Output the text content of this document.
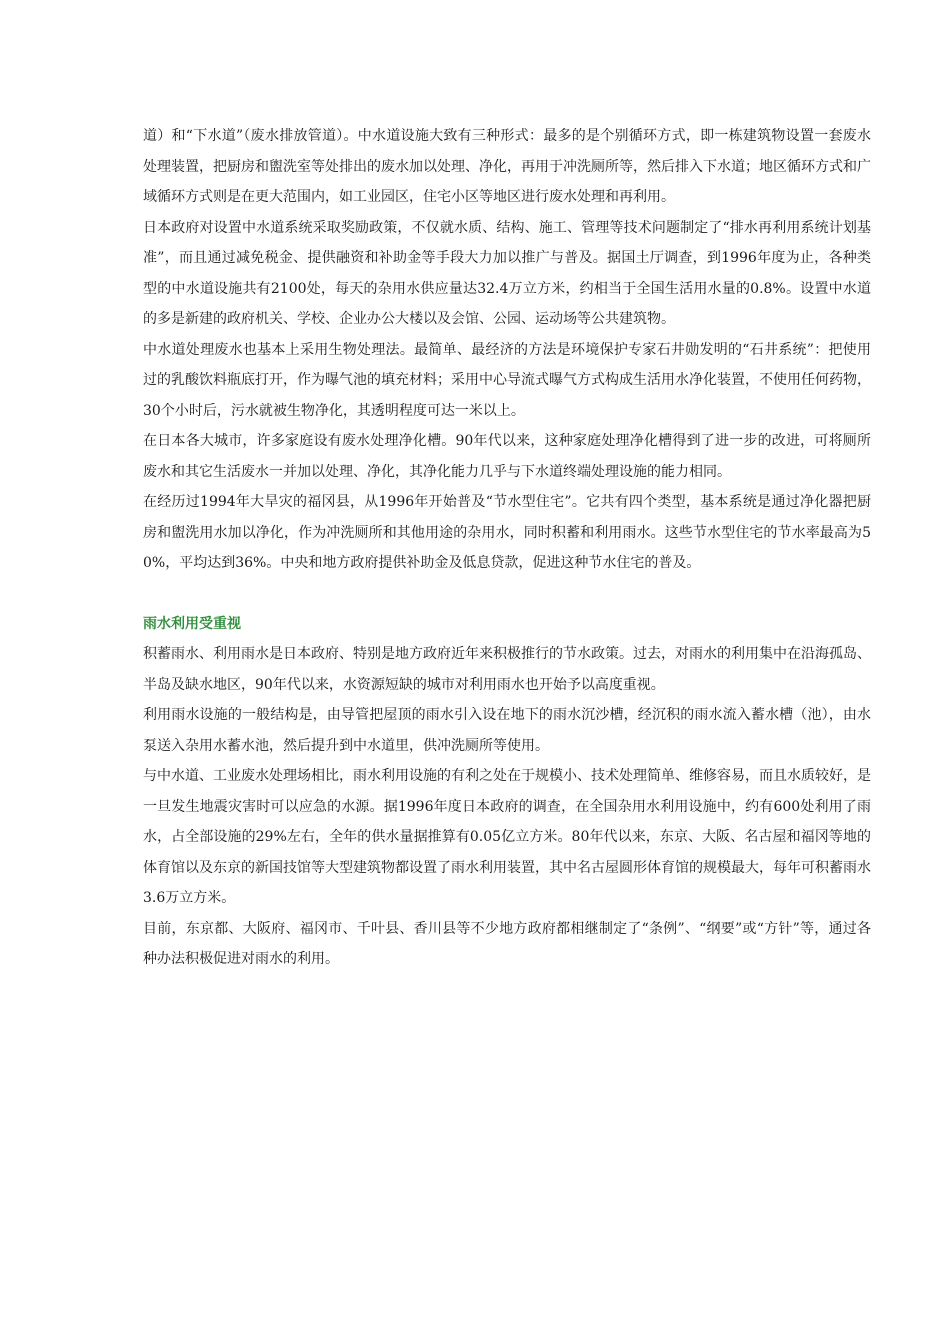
道）和“下水道”（废水排放管道）。中水道设施大致有三种形式：最多的是个别循环方式，即一栋建筑物设置一套废水处理装置，把厨房和盥洗室等处排出的废水加以处理、净化，再用于冲洗厕所等，然后排入下水道；地区循环方式和广域循环方式则是在更大范围内，如工业园区，住宅小区等地区进行废水处理和再利用。

日本政府对设置中水道系统采取奖励政策，不仅就水质、结构、施工、管理等技术问题制定了“排水再利用系统计划基准”，而且通过减免税金、提供融资和补助金等手段大力加以推广与普及。据国土厅调查，到1996年度为止，各种类型的中水道设施共有2100处，每天的杂用水供应量达32.4万立方米，约相当于全国生活用水量的0.8%。设置中水道的多是新建的政府机关、学校、企业办公大楼以及会馆、公园、运动场等公共建筑物。

中水道处理废水也基本上采用生物处理法。最简单、最经济的方法是环境保护专家石井勋发明的“石井系统”：把使用过的乳酸饮料瓶底打开，作为曝气池的填充材料；采用中心导流式曝气方式构成生活用水净化装置，不使用任何药物，30个小时后，污水就被生物净化，其透明程度可达一米以上。

在日本各大城市，许多家庭设有废水处理净化槽。90年代以来，这种家庭处理净化槽得到了进一步的改进，可将厕所废水和其它生活废水一并加以处理、净化，其净化能力几乎与下水道终端处理设施的能力相同。

在经历过1994年大旱灾的福冈县，从1996年开始普及“节水型住宅”。它共有四个类型，基本系统是通过净化器把厨房和盥洗用水加以净化，作为冲洗厕所和其他用途的杂用水，同时积蓄和利用雨水。这些节水型住宅的节水率最高为50%，平均达到36%。中央和地方政府提供补助金及低息贷款，促进这种节水住宅的普及。

雨水利用受重视

积蓄雨水、利用雨水是日本政府、特别是地方政府近年来积极推行的节水政策。过去，对雨水的利用集中在沿海孤岛、半岛及缺水地区，90年代以来，水资源短缺的城市对利用雨水也开始予以高度重视。

利用雨水设施的一般结构是，由导管把屋顶的雨水引入设在地下的雨水沉沙槽，经沉积的雨水流入蓄水槽（池），由水泵送入杂用水蓄水池，然后提升到中水道里，供冲洗厕所等使用。

与中水道、工业废水处理场相比，雨水利用设施的有利之处在于规模小、技术处理简单、维修容易，而且水质较好，是一旦发生地震灾害时可以应急的水源。据1996年度日本政府的调查，在全国杂用水利用设施中，约有600处利用了雨水，占全部设施的29%左右，全年的供水量据推算有0.05亿立方米。80年代以来，东京、大阪、名古屋和福冈等地的体育馆以及东京的新国技馆等大型建筑物都设置了雨水利用装置，其中名古屋圆形体育馆的规模最大，每年可积蓄雨水3.6万立方米。

目前，东京都、大阪府、福冈市、千叶县、香川县等不少地方政府都相继制定了“条例”、“纲要”或“方针”等，通过各种办法积极促进对雨水的利用。
